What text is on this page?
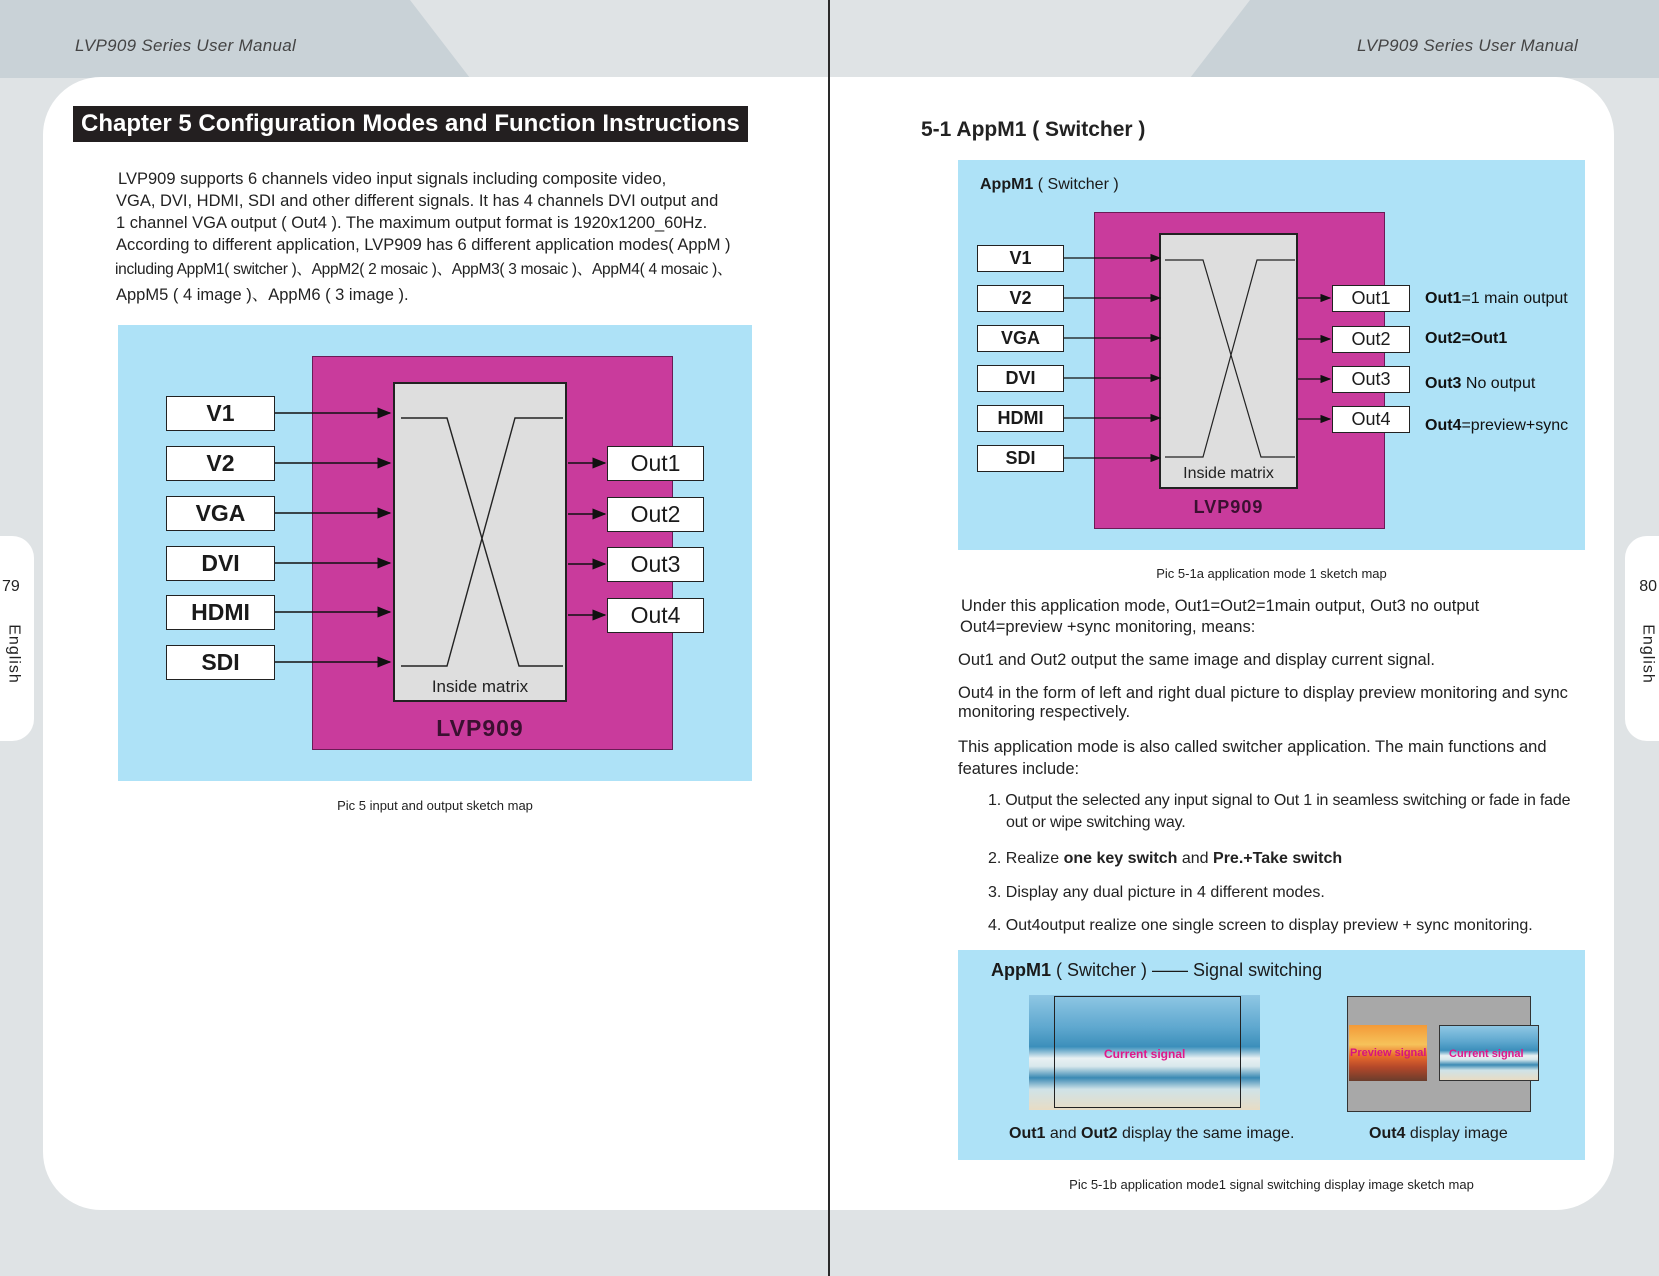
LVP909 Series User Manual	LVP909 Series User Manual
79	80
English	English
Chapter 5 Configuration Modes and Function Instructions

LVP909 supports 6 channels video input signals including composite video,

VGA, DVI, HDMI, SDI and other different signals. It has 4 channels DVI output and

1 channel VGA output ( Out4 ). The maximum output format is 1920x1200_60Hz.

According to different application, LVP909 has 6 different application modes( AppM )

including AppM1( switcher )、AppM2( 2 mosaic )、AppM3( 3 mosaic )、AppM4( 4 mosaic )、

AppM5 ( 4 image )、AppM6 ( 3 image ).

Inside matrix
LVP909
V1
V2
VGA
DVI
HDMI
SDI
Out1
Out2
Out3
Out4
Pic 5 input and output sketch map
5-1 AppM1 ( Switcher )
AppM1 ( Switcher )
Inside matrix
LVP909
V1
V2
VGA
DVI
HDMI
SDI
Out1
Out2
Out3
Out4
Out1=1 main output
Out2=Out1
Out3 No output
Out4=preview+sync
Pic 5-1a application mode 1 sketch map

Under this application mode, Out1=Out2=1main output, Out3 no output

Out4=preview +sync monitoring, means:

Out1 and Out2 output the same image and display current signal.
Out4 in the form of left and right dual picture to display preview monitoring and sync monitoring respectively.
This application mode is also called switcher application. The main functions and features include:
1. Output the selected any input signal to Out 1 in seamless switching or fade in fade out or wipe switching way.
2. Realize one key switch and Pre.+Take switch
3. Display any dual picture in 4 different modes.
4. Out4output realize one single screen to display preview + sync monitoring.
AppM1 ( Switcher ) —— Signal switching
Current signal	Preview signal Current signal
Out1 and Out2 display the same image.	Out4 display image
Pic 5-1b application mode1 signal switching display image sketch map
